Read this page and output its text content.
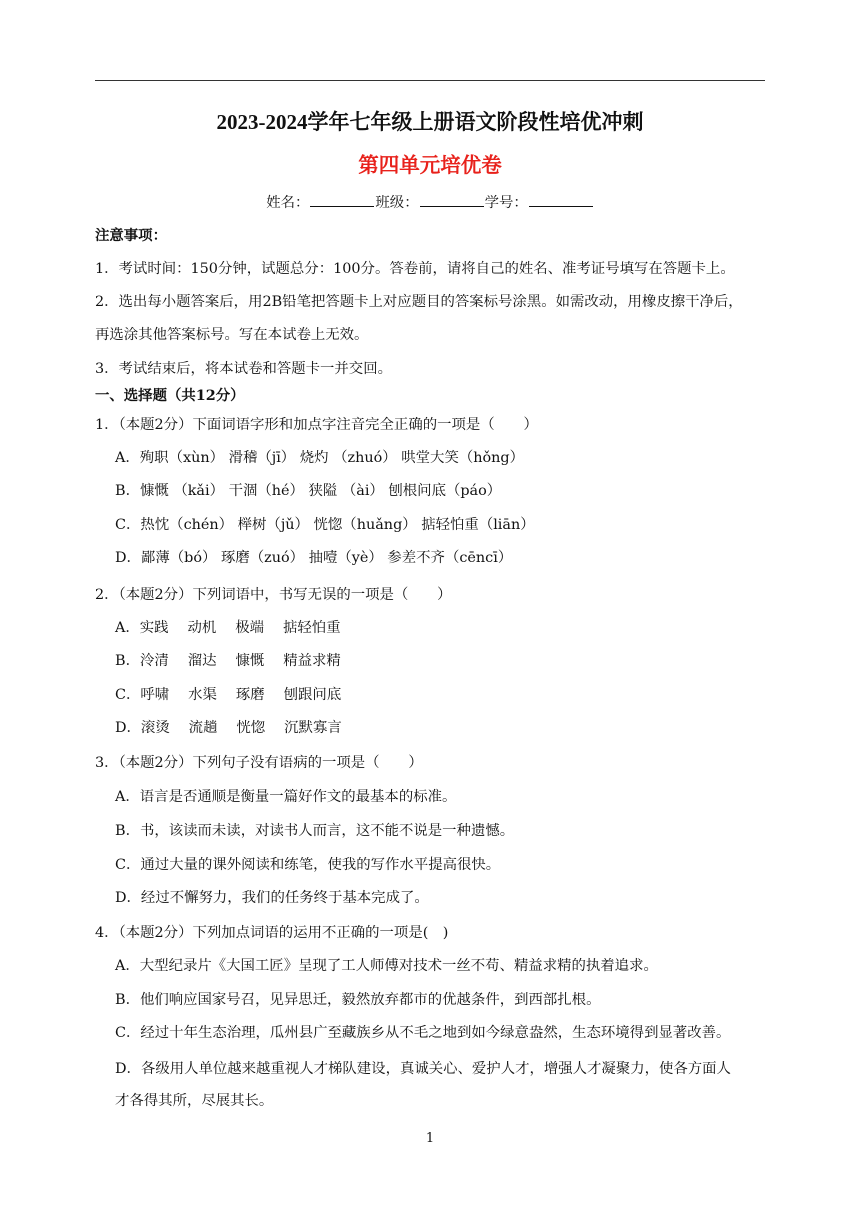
2023-2024学年七年级上册语文阶段性培优冲刺
第四单元培优卷
姓名：	班级：	学号：
注意事项：
1．考试时间：150分钟，试题总分：100分。答卷前，请将自己的姓名、准考证号填写在答题卡上。
2．选出每小题答案后，用2B铅笔把答题卡上对应题目的答案标号涂黑。如需改动，用橡皮擦干净后，
再选涂其他答案标号。写在本试卷上无效。
3．考试结束后，将本试卷和答题卡一并交回。
一、选择题（共12分）
1．（本题2分）下面词语字形和加点字注音完全正确的一项是（　　）
A．殉职（xùn） 滑稽（jī） 烧灼 （zhuó） 哄堂大笑（hǒng）
B．慷慨 （kǎi） 干涸（hé） 狭隘 （ài） 刨根问底（páo）
C．热忱（chén） 榉树（jǔ） 恍惚（huǎng） 掂轻怕重（liān）
D．鄙薄（bó） 琢磨（zuó） 抽噎（yè） 参差不齐（cēncī）
2．（本题2分）下列词语中，书写无误的一项是（　　）
A．实践　 动机　 极端　 掂轻怕重
B．泠清　 溜达　 慷慨　 精益求精
C．呼啸　 水渠　 琢磨　 刨跟问底
D．滚烫　 流趟　 恍惚　 沉默寡言
3．（本题2分）下列句子没有语病的一项是（　　）
A．语言是否通顺是衡量一篇好作文的最基本的标准。
B．书，该读而未读，对读书人而言，这不能不说是一种遗憾。
C．通过大量的课外阅读和练笔，使我的写作水平提高很快。
D．经过不懈努力，我们的任务终于基本完成了。
4．（本题2分）下列加点词语的运用不正确的一项是(　)
A．大型纪录片《大国工匠》呈现了工人师傅对技术一丝不苟、精益求精的执着追求。
B．他们响应国家号召，见异思迁，毅然放弃都市的优越条件，到西部扎根。
C．经过十年生态治理，瓜州县广至藏族乡从不毛之地到如今绿意盎然，生态环境得到显著改善。
D．各级用人单位越来越重视人才梯队建设，真诚关心、爱护人才，增强人才凝聚力，使各方面人
才各得其所，尽展其长。
1
